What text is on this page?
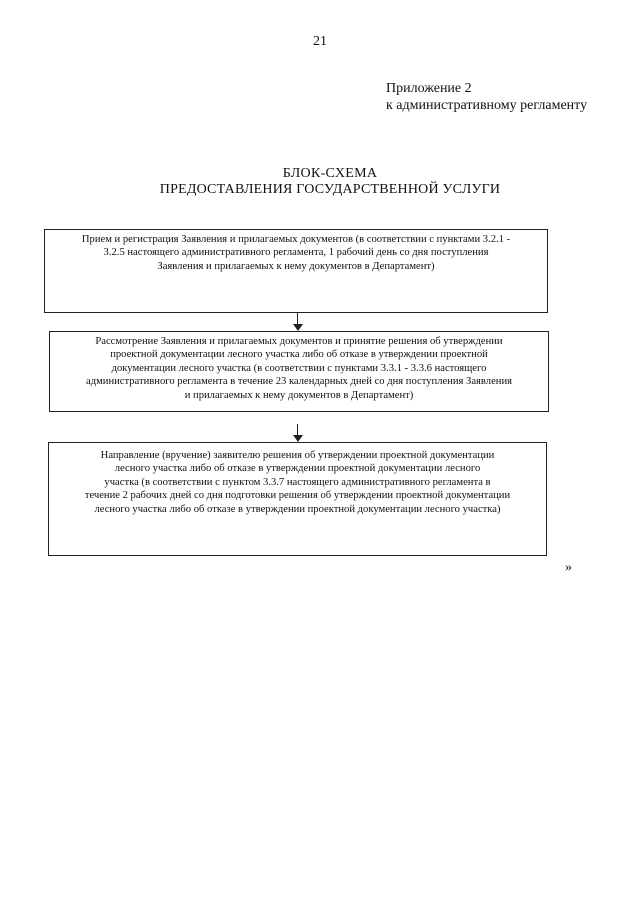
21
Приложение 2
к административному регламенту
БЛОК-СХЕМА
ПРЕДОСТАВЛЕНИЯ ГОСУДАРСТВЕННОЙ УСЛУГИ
Прием и регистрация Заявления и прилагаемых документов (в соответствии с пунктами 3.2.1 -
3.2.5 настоящего административного регламента, 1 рабочий день со дня поступления
Заявления и прилагаемых к нему документов в Департамент)
Рассмотрение Заявления и прилагаемых документов и принятие решения об утверждении
проектной документации лесного участка либо об отказе в утверждении проектной
документации лесного участка (в соответствии с пунктами 3.3.1 - 3.3.6 настоящего
административного регламента в течение 23 календарных дней со дня поступления Заявления
и прилагаемых к нему документов в Департамент)
Направление (вручение) заявителю решения об утверждении проектной документации
лесного участка либо об отказе в утверждении проектной документации лесного
участка (в соответствии с пунктом 3.3.7 настоящего административного регламента в
течение 2 рабочих дней со дня подготовки решения об утверждении проектной документации
лесного участка либо об отказе в утверждении проектной документации лесного участка)
»
